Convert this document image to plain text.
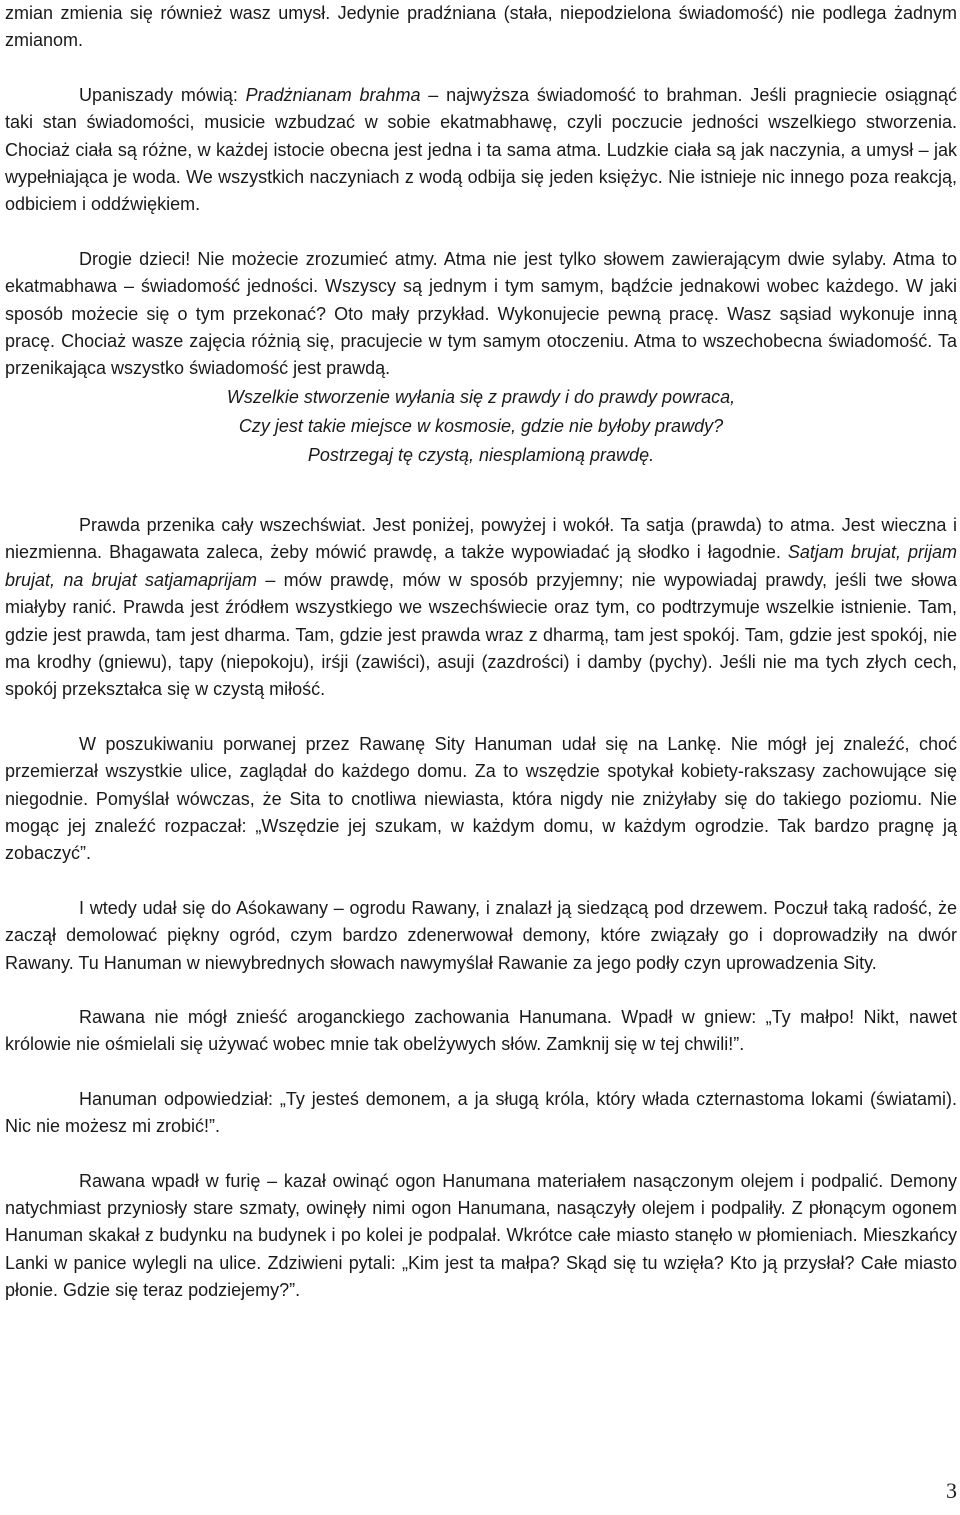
zmian zmienia się również wasz umysł. Jedynie pradźniana (stała, niepodzielona świadomość) nie podlega żadnym zmianom.

Upaniszady mówią: Pradżnianam brahma – najwyższa świadomość to brahman. Jeśli pragniecie osiągnąć taki stan świadomości, musicie wzbudzać w sobie ekatmabhawę, czyli poczucie jedności wszelkiego stworzenia. Chociaż ciała są różne, w każdej istocie obecna jest jedna i ta sama atma. Ludzkie ciała są jak naczynia, a umysł – jak wypełniająca je woda. We wszystkich naczyniach z wodą odbija się jeden księżyc. Nie istnieje nic innego poza reakcją, odbiciem i oddźwiękiem.

Drogie dzieci! Nie możecie zrozumieć atmy. Atma nie jest tylko słowem zawierającym dwie sylaby. Atma to ekatmabhawa – świadomość jedności. Wszyscy są jednym i tym samym, bądźcie jednakowi wobec każdego. W jaki sposób możecie się o tym przekonać? Oto mały przykład. Wykonujecie pewną pracę. Wasz sąsiad wykonuje inną pracę. Chociaż wasze zajęcia różnią się, pracujecie w tym samym otoczeniu. Atma to wszechobecna świadomość. Ta przenikająca wszystko świadomość jest prawdą.

Wszelkie stworzenie wyłania się z prawdy i do prawdy powraca,

Czy jest takie miejsce w kosmosie, gdzie nie byłoby prawdy?

Postrzegaj tę czystą, niesplamioną prawdę.

Prawda przenika cały wszechświat. Jest poniżej, powyżej i wokół. Ta satja (prawda) to atma. Jest wieczna i niezmienna. Bhagawata zaleca, żeby mówić prawdę, a także wypowiadać ją słodko i łagodnie. Satjam brujat, prijam brujat, na brujat satjamaprijam – mów prawdę, mów w sposób przyjemny; nie wypowiadaj prawdy, jeśli twe słowa miałyby ranić. Prawda jest źródłem wszystkiego we wszechświecie oraz tym, co podtrzymuje wszelkie istnienie. Tam, gdzie jest prawda, tam jest dharma. Tam, gdzie jest prawda wraz z dharmą, tam jest spokój. Tam, gdzie jest spokój, nie ma krodhy (gniewu), tapy (niepokoju), irśji (zawiści), asuji (zazdrości) i damby (pychy). Jeśli nie ma tych złych cech, spokój przekształca się w czystą miłość.

W poszukiwaniu porwanej przez Rawanę Sity Hanuman udał się na Lankę. Nie mógł jej znaleźć, choć przemierzał wszystkie ulice, zaglądał do każdego domu. Za to wszędzie spotykał kobiety-rakszasy zachowujące się niegodnie. Pomyślał wówczas, że Sita to cnotliwa niewiasta, która nigdy nie zniżyłaby się do takiego poziomu. Nie mogąc jej znaleźć rozpaczał: „Wszędzie jej szukam, w każdym domu, w każdym ogrodzie. Tak bardzo pragnę ją zobaczyć”.

I wtedy udał się do Aśokawany – ogrodu Rawany, i znalazł ją siedzącą pod drzewem. Poczuł taką radość, że zaczął demolować piękny ogród, czym bardzo zdenerwował demony, które związały go i doprowadziły na dwór Rawany. Tu Hanuman w niewybrednych słowach nawymyślał Rawanie za jego podły czyn uprowadzenia Sity.

Rawana nie mógł znieść aroganckiego zachowania Hanumana. Wpadł w gniew: „Ty małpo! Nikt, nawet królowie nie ośmielali się używać wobec mnie tak obelżywych słów. Zamknij się w tej chwili!”.

Hanuman odpowiedział: „Ty jesteś demonem, a ja sługą króla, który włada czternastoma lokami (światami). Nic nie możesz mi zrobić!”.

Rawana wpadł w furię – kazał owinąć ogon Hanumana materiałem nasączonym olejem i podpalić. Demony natychmiast przyniosły stare szmaty, owinęły nimi ogon Hanumana, nasączyły olejem i podpaliły. Z płonącym ogonem Hanuman skakał z budynku na budynek i po kolei je podpalał. Wkrótce całe miasto stanęło w płomieniach. Mieszkańcy Lanki w panice wylegli na ulice. Zdziwieni pytali: „Kim jest ta małpa? Skąd się tu wzięła? Kto ją przysłał? Całe miasto płonie. Gdzie się teraz podziejemy?”.

3
